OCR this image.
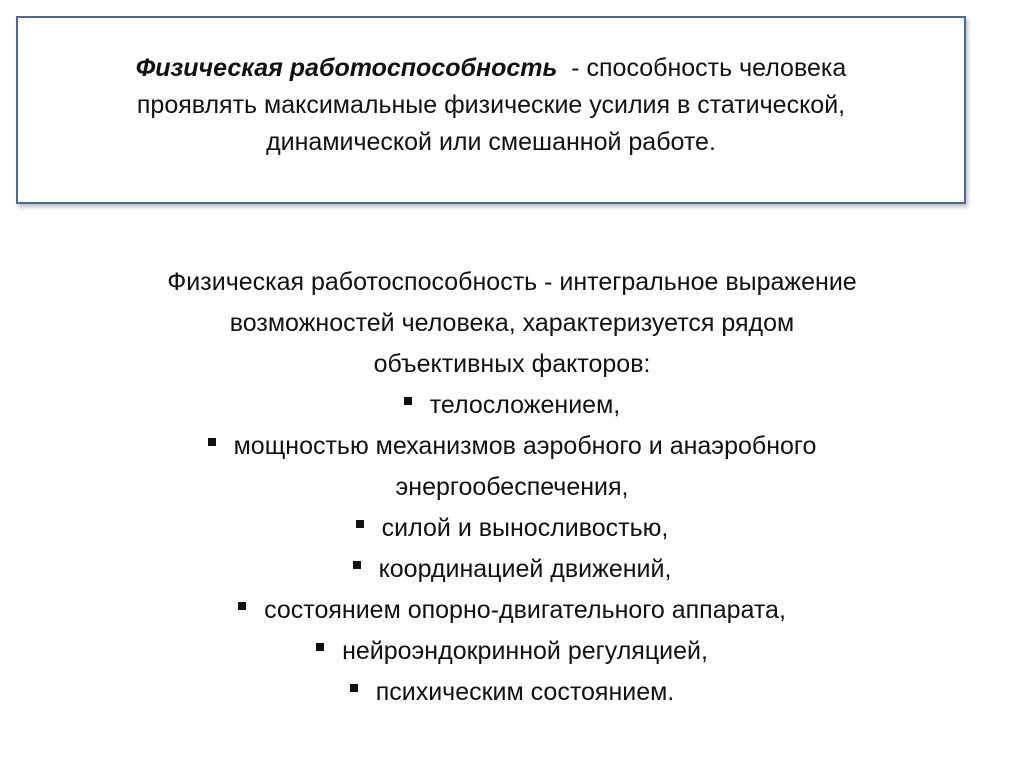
Физическая работоспособность  - способность человека
проявлять максимальные физические усилия в статической,
динамической или смешанной работе.
Физическая работоспособность - интегральное выражение
возможностей человека, характеризуется рядом
объективных факторов:
телосложением,
мощностью механизмов аэробного и анаэробного
энергообеспечения,
силой и выносливостью,
координацией движений,
состоянием опорно-двигательного аппарата,
нейроэндокринной регуляцией,
психическим состоянием.
